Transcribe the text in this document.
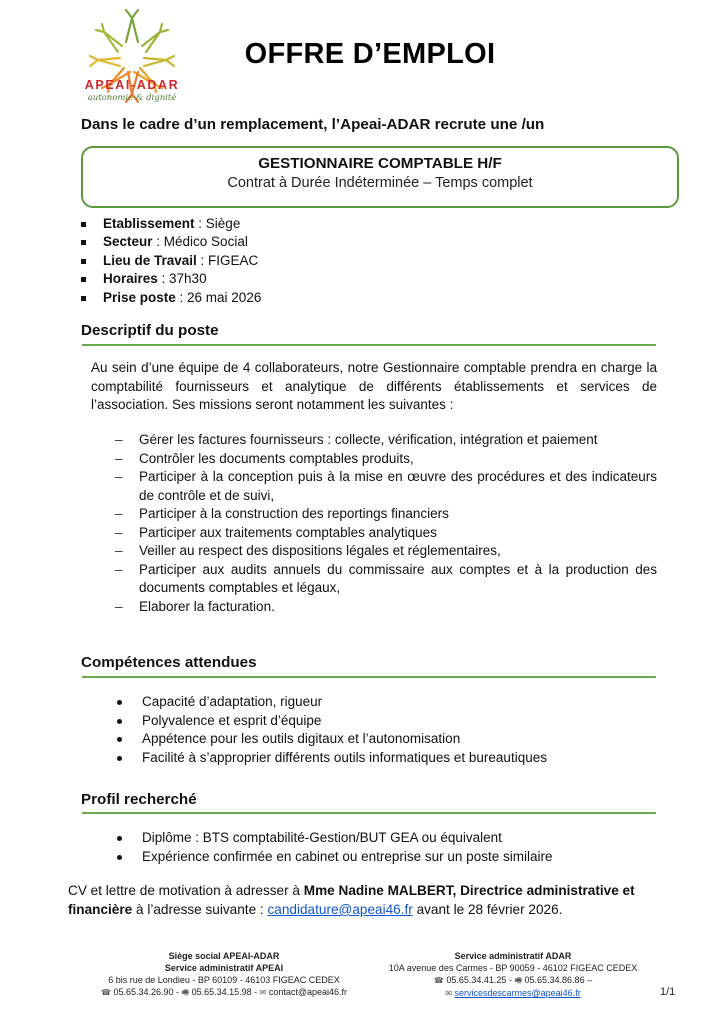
APEAI-ADAR
autonomie & dignité
OFFRE D’EMPLOI
Dans le cadre d’un remplacement, l’Apeai-ADAR recrute une /un
GESTIONNAIRE COMPTABLE H/F
Contrat à Durée Indéterminée – Temps complet
Etablissement : Siège
Secteur : Médico Social
Lieu de Travail : FIGEAC
Horaires : 37h30
Prise poste : 26 mai 2026
Descriptif du poste
Au sein d’une équipe de 4 collaborateurs, notre Gestionnaire comptable prendra en charge la comptabilité fournisseurs et analytique de différents établissements et services de l’association. Ses missions seront notamment les suivantes :
– Gérer les factures fournisseurs : collecte, vérification, intégration et paiement
– Contrôler les documents comptables produits,
– Participer à la conception puis à la mise en œuvre des procédures et des indicateurs de contrôle et de suivi,
– Participer à la construction des reportings financiers
– Participer aux traitements comptables analytiques
– Veiller au respect des dispositions légales et réglementaires,
– Participer aux audits annuels du commissaire aux comptes et à la production des documents comptables et légaux,
– Elaborer la facturation.
Compétences attendues
Capacité d’adaptation, rigueur
Polyvalence et esprit d’équipe
Appétence pour les outils digitaux et l’autonomisation
Facilité à s’approprier différents outils informatiques et bureautiques
Profil recherché
Diplôme : BTS comptabilité-Gestion/BUT GEA ou équivalent
Expérience confirmée en cabinet ou entreprise sur un poste similaire
CV et lettre de motivation à adresser à Mme Nadine MALBERT, Directrice administrative et financière à l’adresse suivante : candidature@apeai46.fr avant le 28 février 2026.
Siège social APEAI-ADAR
Service administratif APEAI
6 bis rue de Londieu - BP 60109 - 46103 FIGEAC CEDEX
☎ 05.65.34.26.90 - 🖷 05.65.34.15.98 - ✉ contact@apeai46.fr
Service administratif ADAR
10A avenue des Carmes - BP 90059 - 46102 FIGEAC CEDEX
☎ 05.65.34.41.25 - 🖷 05.65.34.86.86 –
✉ servicesdescarmes@apeai46.fr	1/1
